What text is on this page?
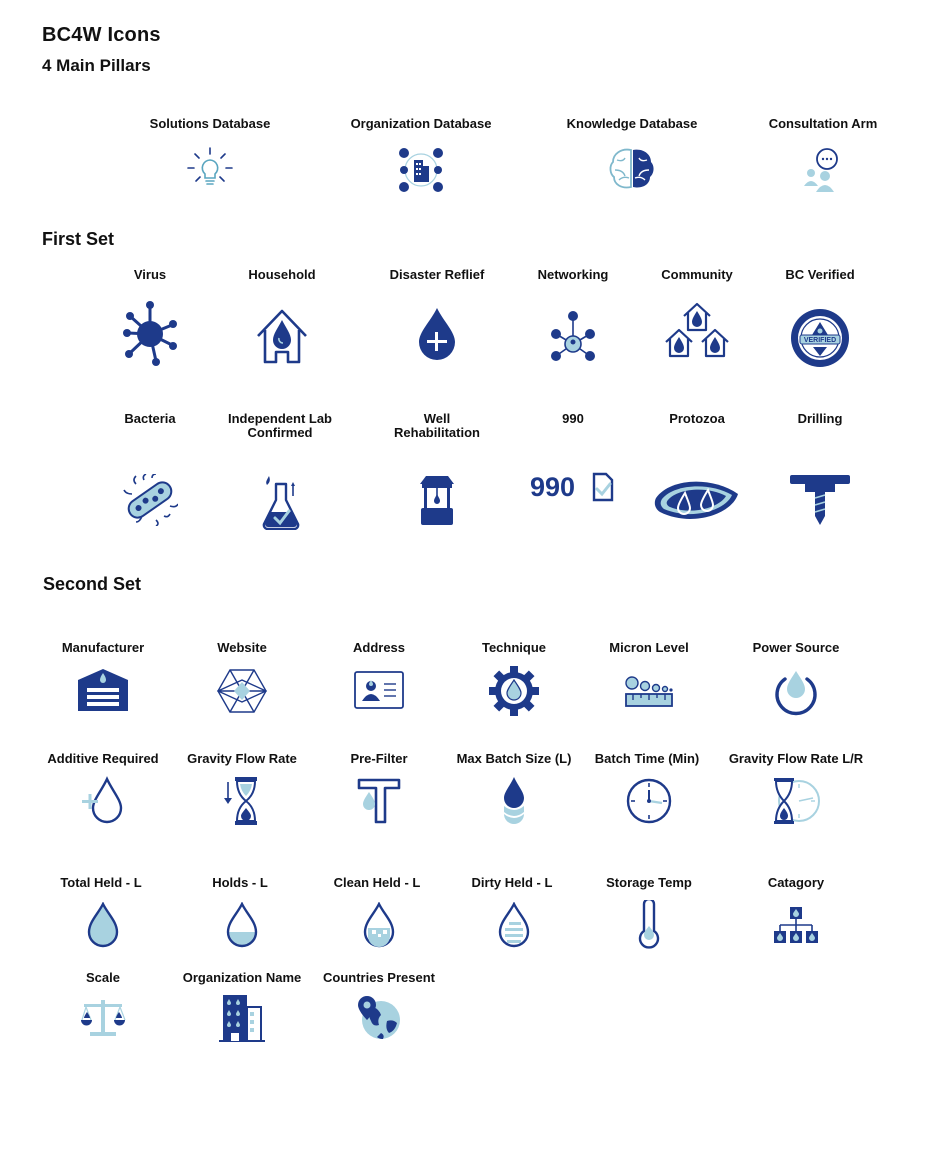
BC4W Icons
4 Main Pillars
First Set
Second Set
Solutions Database	Organization Database	Knowledge Database	Consultation Arm
Virus	Household	Disaster Reflief	Networking	Community	BC Verified
VERIFIED
Bacteria	Independent Lab Confirmed
Well Rehabilitation
990	Protozoa	Drilling
990
Manufacturer	Website	Address	Technique	Micron Level	Power Source
Additive Required	Gravity Flow Rate	Pre-Filter	Max Batch Size (L)	Batch Time (Min)	Gravity Flow Rate L/R
Total Held - L	Holds - L	Clean Held - L	Dirty Held - L	Storage Temp	Catagory
Scale	Organization Name	Countries Present
